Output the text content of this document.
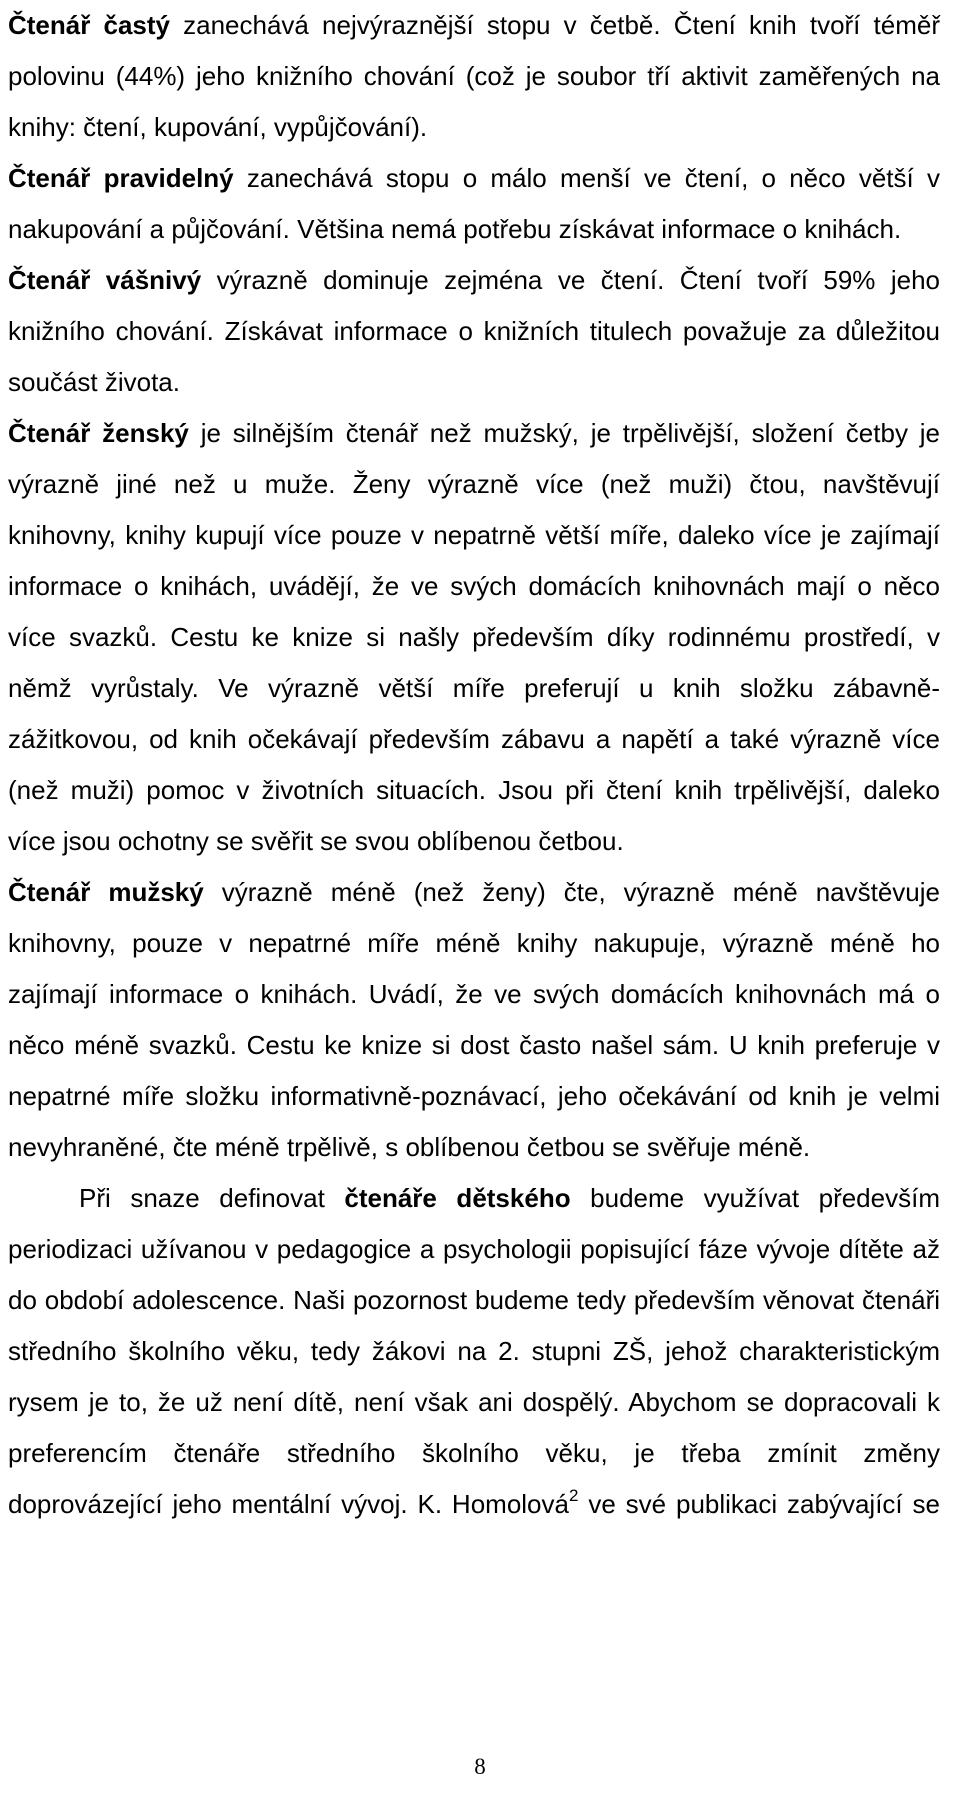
Čtenář častý zanechává nejvýraznější stopu v četbě. Čtení knih tvoří téměř polovinu (44%) jeho knižního chování (což je soubor tří aktivit zaměřených na knihy: čtení, kupování, vypůjčování).

Čtenář pravidelný zanechává stopu o málo menší ve čtení, o něco větší v nakupování a půjčování. Většina nemá potřebu získávat informace o knihách.

Čtenář vášnivý výrazně dominuje zejména ve čtení. Čtení tvoří 59% jeho knižního chování. Získávat informace o knižních titulech považuje za důležitou součást života.

Čtenář ženský je silnějším čtenář než mužský, je trpělivější, složení četby je výrazně jiné než u muže. Ženy výrazně více (než muži) čtou, navštěvují knihovny, knihy kupují více pouze v nepatrně větší míře, daleko více je zajímají informace o knihách, uvádějí, že ve svých domácích knihovnách mají o něco více svazků. Cestu ke knize si našly především díky rodinnému prostředí, v němž vyrůstaly. Ve výrazně větší míře preferují u knih složku zábavně-zážitkovou, od knih očekávají především zábavu a napětí a také výrazně více (než muži) pomoc v životních situacích. Jsou při čtení knih trpělivější, daleko více jsou ochotny se svěřit se svou oblíbenou četbou.

Čtenář mužský výrazně méně (než ženy) čte, výrazně méně navštěvuje knihovny, pouze v nepatrné míře méně knihy nakupuje, výrazně méně ho zajímají informace o knihách. Uvádí, že ve svých domácích knihovnách má o něco méně svazků. Cestu ke knize si dost často našel sám. U knih preferuje v nepatrné míře složku informativně-poznávací, jeho očekávání od knih je velmi nevyhraněné, čte méně trpělivě, s oblíbenou četbou se svěřuje méně.

Při snaze definovat čtenáře dětského budeme využívat především periodizaci užívanou v pedagogice a psychologii popisující fáze vývoje dítěte až do období adolescence. Naši pozornost budeme tedy především věnovat čtenáři středního školního věku, tedy žákovi na 2. stupni ZŠ, jehož charakteristickým rysem je to, že už není dítě, není však ani dospělý. Abychom se dopracovali k preferencím čtenáře středního školního věku, je třeba zmínit změny doprovázející jeho mentální vývoj. K. Homolová$^2$ ve své publikaci zabývající se

8
